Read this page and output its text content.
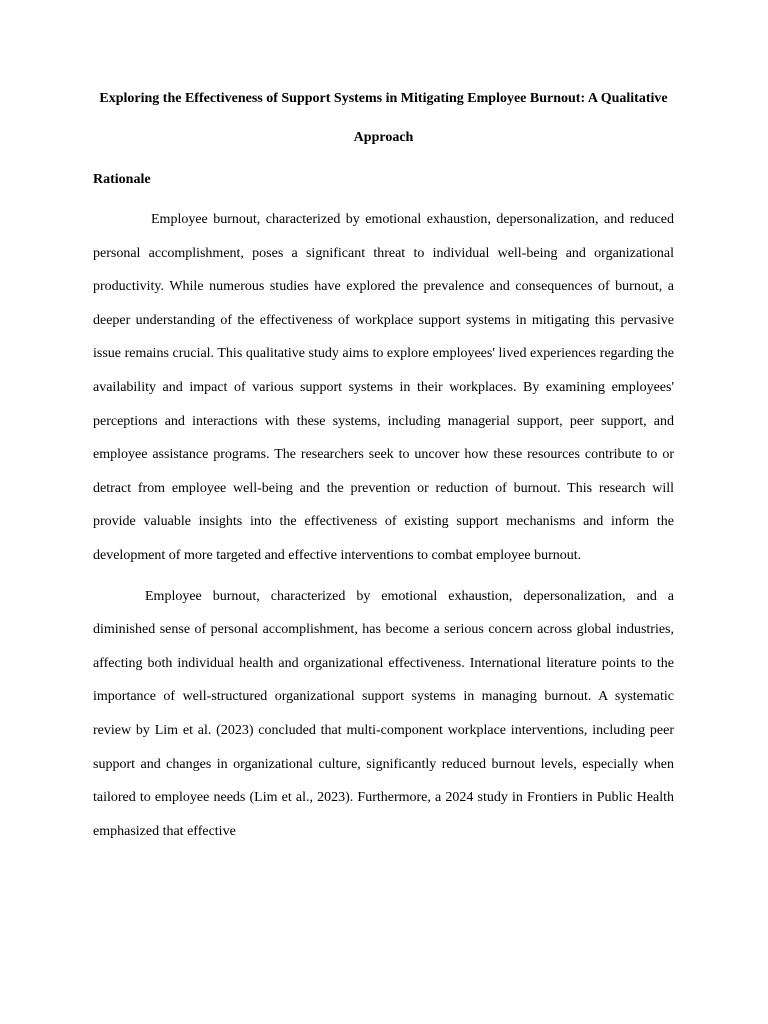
Exploring the Effectiveness of Support Systems in Mitigating Employee Burnout: A Qualitative Approach
Rationale

Employee burnout, characterized by emotional exhaustion, depersonalization, and reduced personal accomplishment, poses a significant threat to individual well-being and organizational productivity. While numerous studies have explored the prevalence and consequences of burnout, a deeper understanding of the effectiveness of workplace support systems in mitigating this pervasive issue remains crucial. This qualitative study aims to explore employees' lived experiences regarding the availability and impact of various support systems in their workplaces. By examining employees' perceptions and interactions with these systems, including managerial support, peer support, and employee assistance programs. The researchers seek to uncover how these resources contribute to or detract from employee well-being and the prevention or reduction of burnout. This research will provide valuable insights into the effectiveness of existing support mechanisms and inform the development of more targeted and effective interventions to combat employee burnout.

Employee burnout, characterized by emotional exhaustion, depersonalization, and a diminished sense of personal accomplishment, has become a serious concern across global industries, affecting both individual health and organizational effectiveness. International literature points to the importance of well-structured organizational support systems in managing burnout. A systematic review by Lim et al. (2023) concluded that multi-component workplace interventions, including peer support and changes in organizational culture, significantly reduced burnout levels, especially when tailored to employee needs (Lim et al., 2023). Furthermore, a 2024 study in Frontiers in Public Health emphasized that effective
